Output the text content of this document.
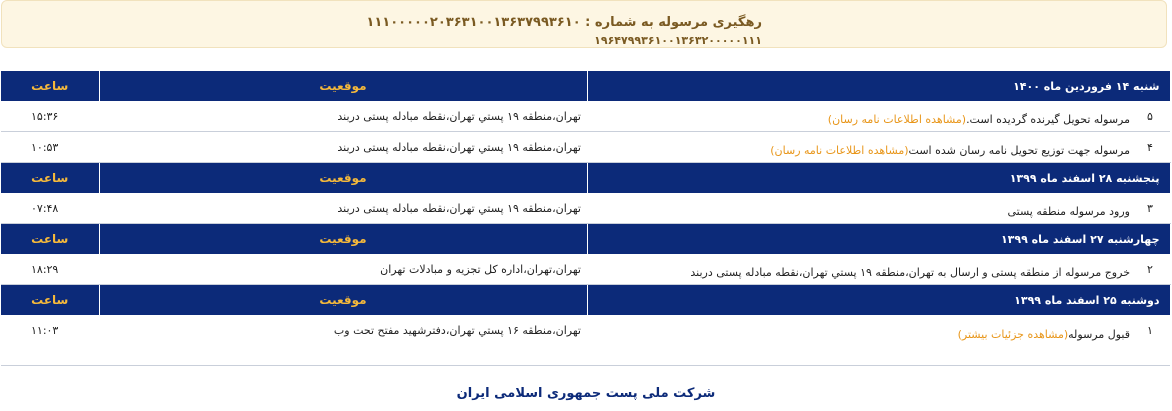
رهگیری مرسوله به شماره : ۱۱۱۰۰۰۰۰۲۰۳۶۳۱۰۰۱۳۶۳۷۹۹۳۶۱۰
۱۹۶۴۷۹۹۳۶۱۰۰۱۳۶۳۲۰۰۰۰۰۱۱۱
شنبه ۱۴ فروردین ماه ۱۴۰۰	موقعیت	ساعت
۵مرسوله تحویل گیرنده گردیده است.(مشاهده اطلاعات نامه رسان)	تهران،منطقه ۱۹ پستي تهران،نقطه مبادله پستی دربند	۱۵:۳۶

۴مرسوله جهت توزیع تحویل نامه رسان شده است(مشاهده اطلاعات نامه رسان)	تهران،منطقه ۱۹ پستي تهران،نقطه مبادله پستی دربند	۱۰:۵۳

پنجشنبه ۲۸ اسفند ماه ۱۳۹۹	موقعیت	ساعت
۳ورود مرسوله منطقه پستی	تهران،منطقه ۱۹ پستي تهران،نقطه مبادله پستی دربند	۰۷:۴۸

چهارشنبه ۲۷ اسفند ماه ۱۳۹۹	موقعیت	ساعت
۲خروج مرسوله از منطقه پستی و ارسال به تهران،منطقه ۱۹ پستي تهران،نقطه مبادله پستی دربند	تهران،تهران،اداره کل تجزیه و مبادلات تهران	۱۸:۲۹

دوشنبه ۲۵ اسفند ماه ۱۳۹۹	موقعیت	ساعت
۱قبول مرسوله(مشاهده جزئیات بیشتر)	تهران،منطقه ۱۶ پستي تهران،دفترشهید مفتح تحت وب	۱۱:۰۳
شرکت ملی پست جمهوری اسلامی ایران
